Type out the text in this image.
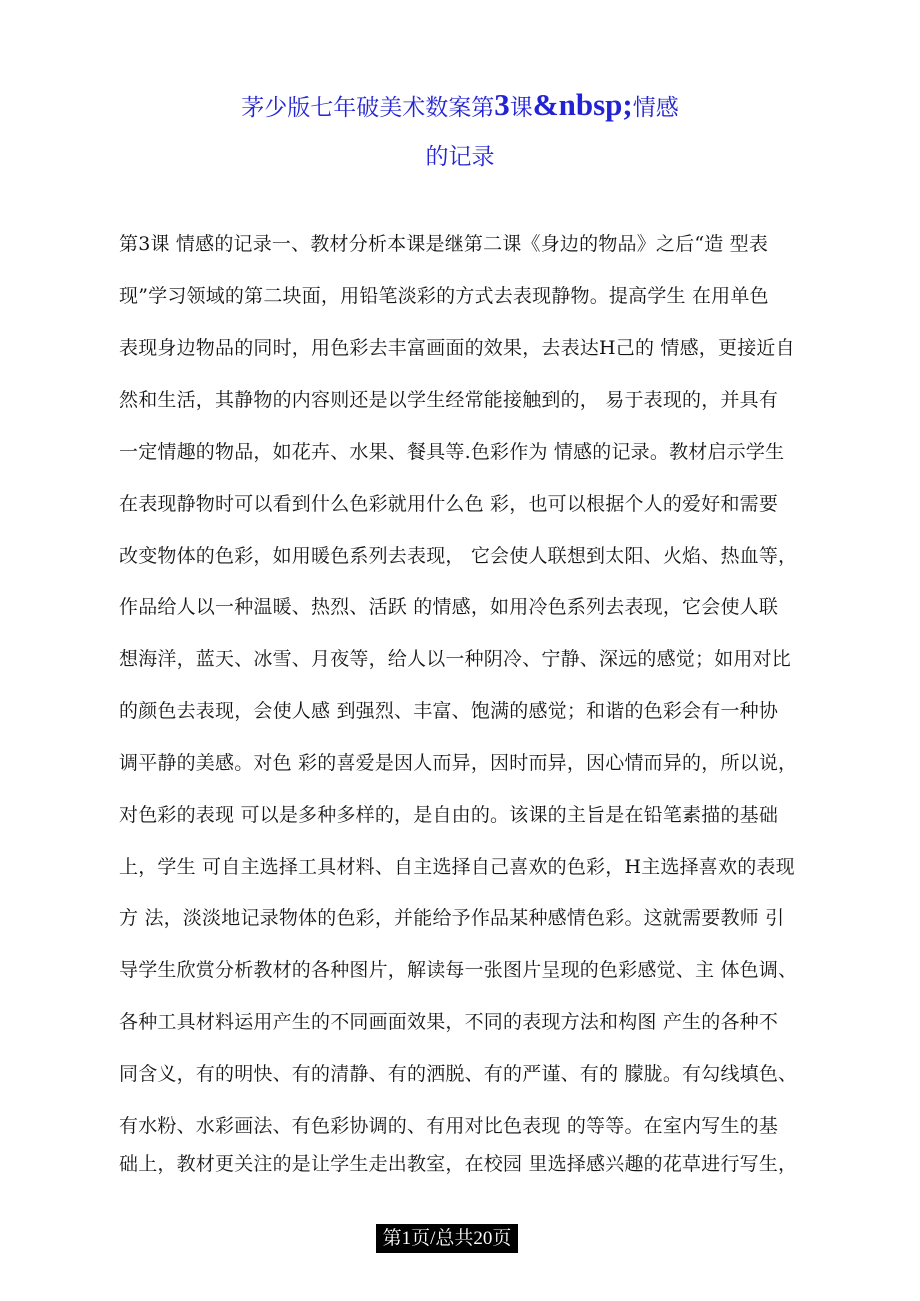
茅少版七年破美术数案第3课&nbsp;情感
的记录
第3课 情感的记录一、教材分析本课是继第二课《身边的物品》之后“造 型表
现”学习领域的第二块面，用铅笔淡彩的方式去表现静物。提高学生 在用单色
表现身边物品的同时，用色彩去丰富画面的效果，去表达H己的 情感，更接近自
然和生活，其静物的内容则还是以学生经常能接触到的， 易于表现的，并具有
一定情趣的物品，如花卉、水果、餐具等.色彩作为 情感的记录。教材启示学生
在表现静物时可以看到什么色彩就用什么色 彩，也可以根据个人的爱好和需要
改变物体的色彩，如用暖色系列去表现， 它会使人联想到太阳、火焰、热血等，
作品给人以一种温暖、热烈、活跃 的情感，如用冷色系列去表现，它会使人联
想海洋，蓝天、冰雪、月夜等，给人以一种阴冷、宁静、深远的感觉；如用对比
的颜色去表现，会使人感 到强烈、丰富、饱满的感觉；和谐的色彩会有一种协
调平静的美感。对色 彩的喜爱是因人而异，因时而异，因心情而异的，所以说，
对色彩的表现 可以是多种多样的，是自由的。该课的主旨是在铅笔素描的基础
上，学生 可自主选择工具材料、自主选择自己喜欢的色彩，H主选择喜欢的表现
方 法，淡淡地记录物体的色彩，并能给予作品某种感情色彩。这就需要教师 引
导学生欣赏分析教材的各种图片，解读每一张图片呈现的色彩感觉、主 体色调、
各种工具材料运用产生的不同画面效果，不同的表现方法和构图 产生的各种不
同含义，有的明快、有的清静、有的洒脱、有的严谨、有的 朦胧。有勾线填色、
有水粉、水彩画法、有色彩协调的、有用对比色表现 的等等。在室内写生的基
础上，教材更关注的是让学生走出教室，在校园 里选择感兴趣的花草进行写生，
第1页/总共20页
